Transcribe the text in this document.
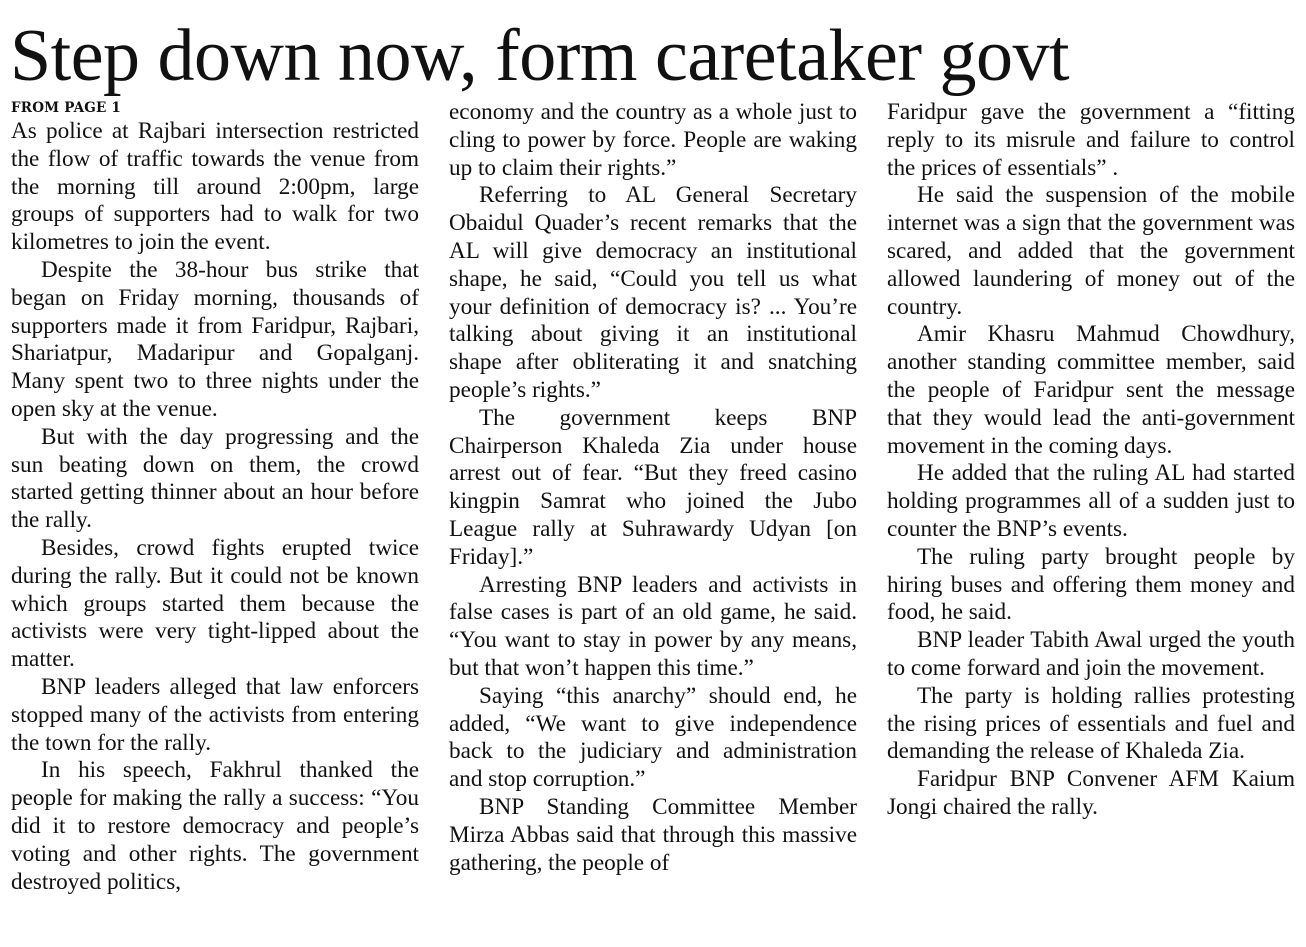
Step down now, form caretaker govt
FROM PAGE 1

As police at Rajbari intersection restricted the flow of traffic towards the venue from the morning till around 2:00pm, large groups of supporters had to walk for two kilometres to join the event.

Despite the 38-hour bus strike that began on Friday morning, thousands of supporters made it from Faridpur, Rajbari, Shariatpur, Madaripur and Gopalganj. Many spent two to three nights under the open sky at the venue.

But with the day progressing and the sun beating down on them, the crowd started getting thinner about an hour before the rally.

Besides, crowd fights erupted twice during the rally. But it could not be known which groups started them because the activists were very tight-lipped about the matter.

BNP leaders alleged that law enforcers stopped many of the activists from entering the town for the rally.

In his speech, Fakhrul thanked the people for making the rally a success: “You did it to restore democracy and people’s voting and other rights. The government destroyed politics,

economy and the country as a whole just to cling to power by force. People are waking up to claim their rights.”

Referring to AL General Secretary Obaidul Quader’s recent remarks that the AL will give democracy an institutional shape, he said, “Could you tell us what your definition of democracy is? ... You’re talking about giving it an institutional shape after obliterating it and snatching people’s rights.”

The government keeps BNP Chairperson Khaleda Zia under house arrest out of fear. “But they freed casino kingpin Samrat who joined the Jubo League rally at Suhrawardy Udyan [on Friday].”

Arresting BNP leaders and activists in false cases is part of an old game, he said. “You want to stay in power by any means, but that won’t happen this time.”

Saying “this anarchy” should end, he added, “We want to give independence back to the judiciary and administration and stop corruption.”

BNP Standing Committee Member Mirza Abbas said that through this massive gathering, the people of

Faridpur gave the government a “fitting reply to its misrule and failure to control the prices of essentials” .

He said the suspension of the mobile internet was a sign that the government was scared, and added that the government allowed laundering of money out of the country.

Amir Khasru Mahmud Chowdhury, another standing committee member, said the people of Faridpur sent the message that they would lead the anti-government movement in the coming days.

He added that the ruling AL had started holding programmes all of a sudden just to counter the BNP’s events.

The ruling party brought people by hiring buses and offering them money and food, he said.

BNP leader Tabith Awal urged the youth to come forward and join the movement.

The party is holding rallies protesting the rising prices of essentials and fuel and demanding the release of Khaleda Zia.

Faridpur BNP Convener AFM Kaium Jongi chaired the rally.
